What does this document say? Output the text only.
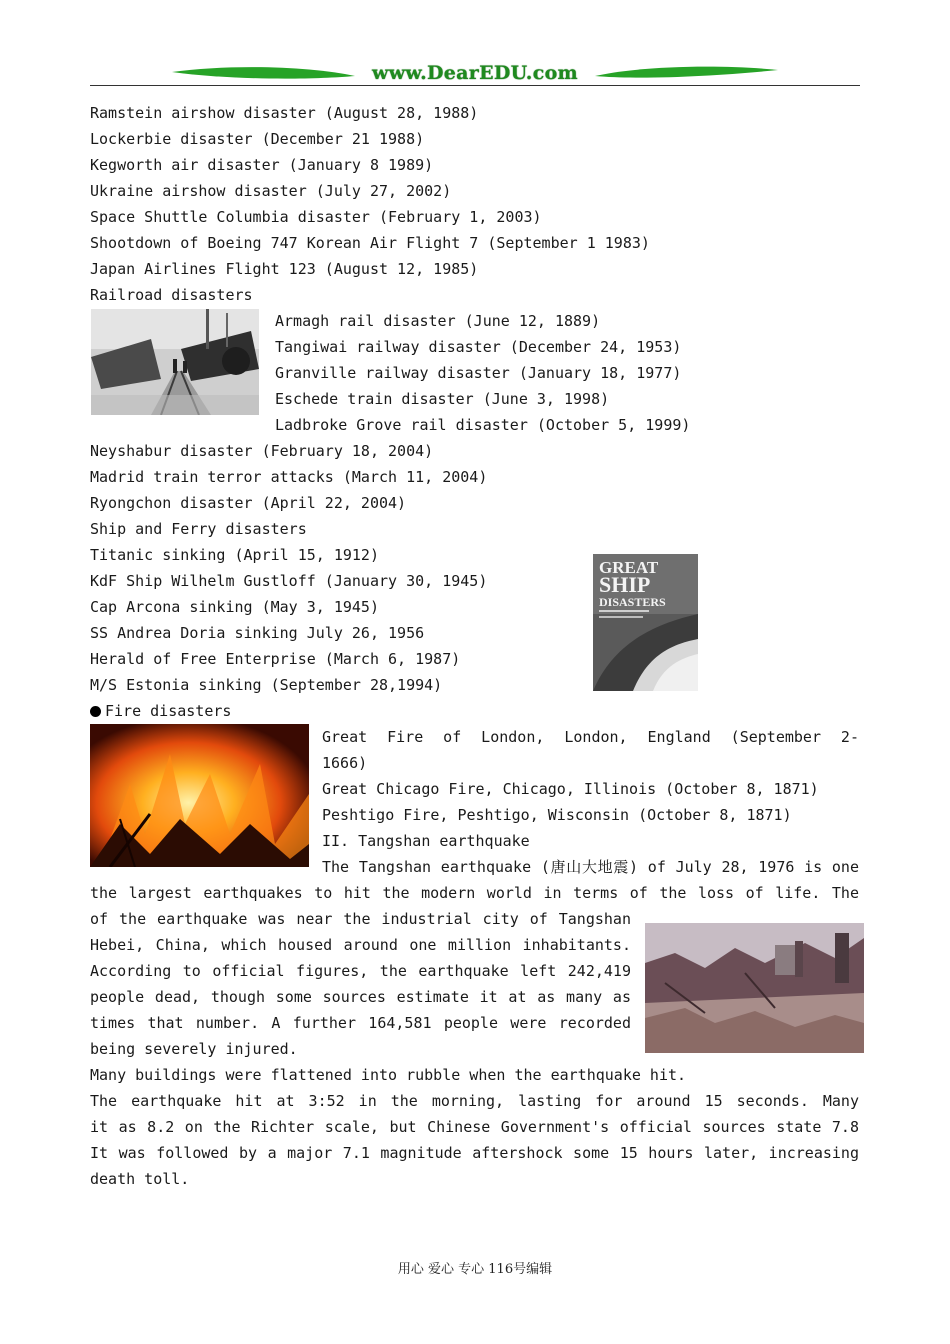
www.DearEDU.com
Ramstein airshow disaster (August 28, 1988)
Lockerbie disaster (December 21 1988)
Kegworth air disaster (January 8 1989)
Ukraine airshow disaster (July 27, 2002)
Space Shuttle Columbia disaster (February 1, 2003)
Shootdown of Boeing 747 Korean Air Flight 7 (September 1 1983)
Japan Airlines Flight 123 (August 12, 1985)
Railroad disasters
Armagh rail disaster (June 12, 1889)
Tangiwai railway disaster (December 24, 1953)
Granville railway disaster (January 18, 1977)
Eschede train disaster (June 3, 1998)
Ladbroke Grove rail disaster (October 5, 1999)
Neyshabur disaster (February 18, 2004)
Madrid train terror attacks (March 11, 2004)
Ryongchon disaster (April 22, 2004)
Ship and Ferry disasters
Titanic sinking (April 15, 1912)
KdF Ship Wilhelm Gustloff (January 30, 1945)
Cap Arcona sinking (May 3, 1945)
SS Andrea Doria sinking July 26, 1956
Herald of Free Enterprise (March 6, 1987)
M/S Estonia sinking (September 28,1994)
GREAT
SHIP
DISASTERS
Fire disasters
Great Fire of London, London, England (September 2-
1666)
Great Chicago Fire, Chicago, Illinois (October 8, 1871)
Peshtigo Fire, Peshtigo, Wisconsin (October 8, 1871)
II. Tangshan earthquake
The Tangshan earthquake (唐山大地震) of July 28, 1976 is one
the largest earthquakes to hit the modern world in terms of the loss of life. The
of the earthquake was near the industrial city of Tangshan
Hebei, China, which housed around one million inhabitants.
According to official figures, the earthquake left 242,419
people dead, though some sources estimate it at as many as
times that number. A further 164,581 people were recorded
being severely injured.
Many buildings were flattened into rubble when the earthquake hit.
The earthquake hit at 3:52 in the morning, lasting for around 15 seconds. Many
it as 8.2 on the Richter scale, but Chinese Government's official sources state 7.8
It was followed by a major 7.1 magnitude aftershock some 15 hours later, increasing
death toll.
用心 爱心 专心 116号编辑
